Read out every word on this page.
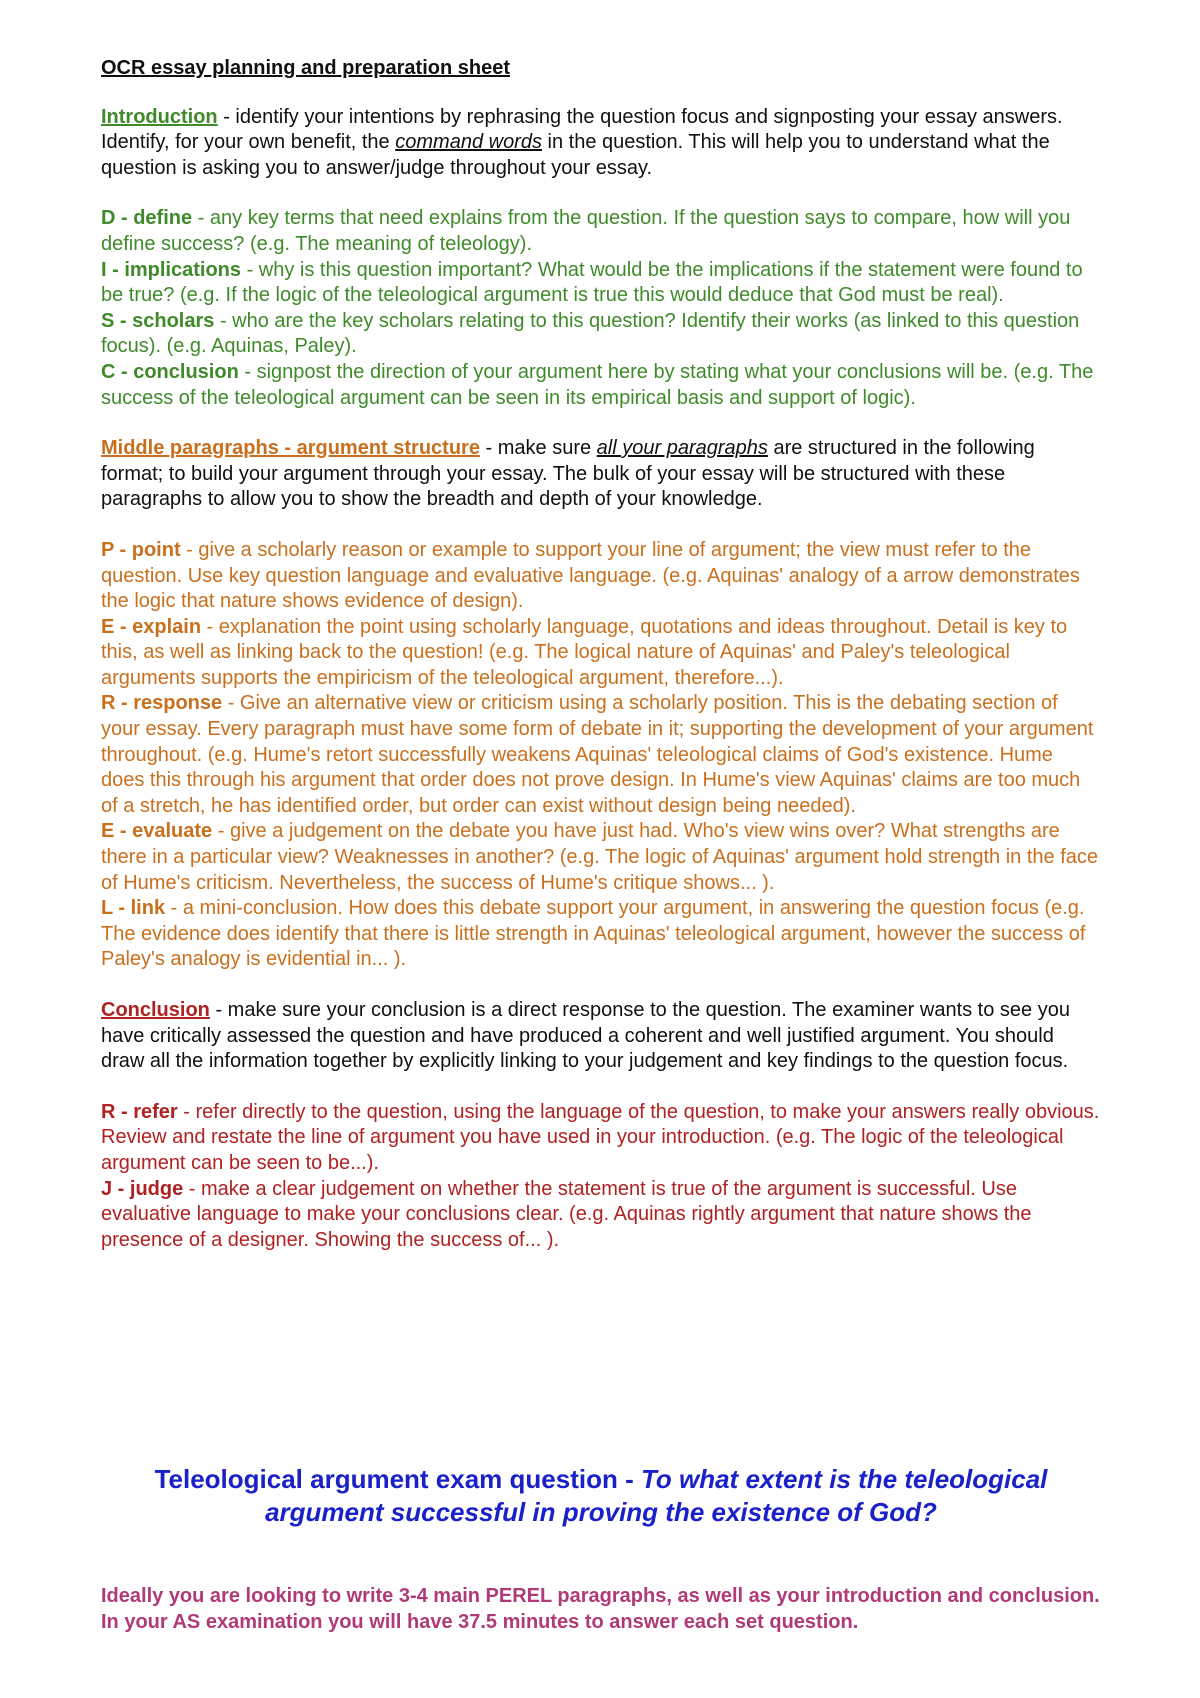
OCR essay planning and preparation sheet

Introduction - identify your intentions by rephrasing the question focus and signposting your essay answers. Identify, for your own benefit, the command words in the question. This will help you to understand what the question is asking you to answer/judge throughout your essay.

D - define - any key terms that need explains from the question. If the question says to compare, how will you define success? (e.g. The meaning of teleology).

I - implications - why is this question important? What would be the implications if the statement were found to be true? (e.g. If the logic of the teleological argument is true this would deduce that God must be real).

S - scholars - who are the key scholars relating to this question? Identify their works (as linked to this question focus). (e.g. Aquinas, Paley).

C - conclusion - signpost the direction of your argument here by stating what your conclusions will be. (e.g. The success of the teleological argument can be seen in its empirical basis and support of logic).

Middle paragraphs - argument structure - make sure all your paragraphs are structured in the following format; to build your argument through your essay. The bulk of your essay will be structured with these paragraphs to allow you to show the breadth and depth of your knowledge.

P - point - give a scholarly reason or example to support your line of argument; the view must refer to the question. Use key question language and evaluative language. (e.g. Aquinas' analogy of a arrow demonstrates the logic that nature shows evidence of design).

E - explain - explanation the point using scholarly language, quotations and ideas throughout. Detail is key to this, as well as linking back to the question! (e.g. The logical nature of Aquinas' and Paley's teleological arguments supports the empiricism of the teleological argument, therefore...).

R - response - Give an alternative view or criticism using a scholarly position. This is the debating section of your essay. Every paragraph must have some form of debate in it; supporting the development of your argument throughout. (e.g. Hume's retort successfully weakens Aquinas' teleological claims of God's existence. Hume does this through his argument that order does not prove design. In Hume's view Aquinas' claims are too much of a stretch, he has identified order, but order can exist without design being needed).

E - evaluate - give a judgement on the debate you have just had. Who's view wins over? What strengths are there in a particular view? Weaknesses in another? (e.g. The logic of Aquinas' argument hold strength in the face of Hume's criticism. Nevertheless, the success of Hume's critique shows... ).

L - link - a mini-conclusion. How does this debate support your argument, in answering the question focus (e.g. The evidence does identify that there is little strength in Aquinas' teleological argument, however the success of Paley's analogy is evidential in... ).

Conclusion - make sure your conclusion is a direct response to the question. The examiner wants to see you have critically assessed the question and have produced a coherent and well justified argument. You should draw all the information together by explicitly linking to your judgement and key findings to the question focus.

R - refer - refer directly to the question, using the language of the question, to make your answers really obvious. Review and restate the line of argument you have used in your introduction. (e.g. The logic of the teleological argument can be seen to be...).

J - judge - make a clear judgement on whether the statement is true of the argument is successful. Use evaluative language to make your conclusions clear. (e.g. Aquinas rightly argument that nature shows the presence of a designer. Showing the success of... ).

Teleological argument exam question - To what extent is the teleological argument successful in proving the existence of God?
Ideally you are looking to write 3-4 main PEREL paragraphs, as well as your introduction and conclusion. In your AS examination you will have 37.5 minutes to answer each set question.
